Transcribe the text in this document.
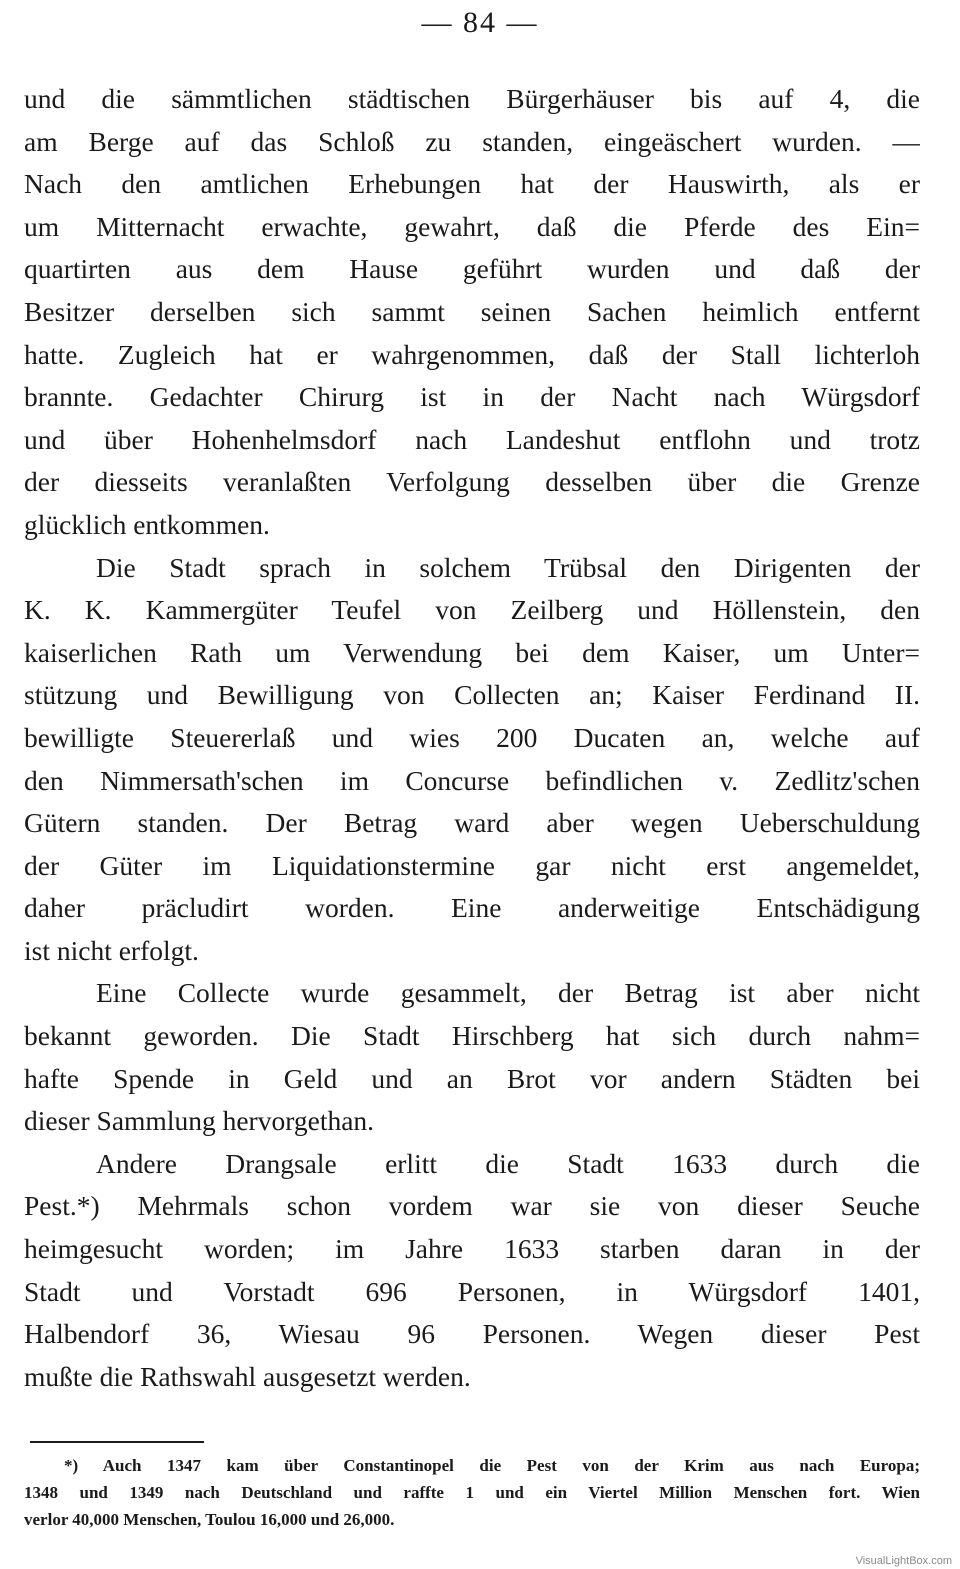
— 84 —
und die sämmtlichen städtischen Bürgerhäuser bis auf 4, die
am Berge auf das Schloß zu standen, eingeäschert wurden. —
Nach den amtlichen Erhebungen hat der Hauswirth, als er
um Mitternacht erwachte, gewahrt, daß die Pferde des Ein=
quartirten aus dem Hause geführt wurden und daß der
Besitzer derselben sich sammt seinen Sachen heimlich entfernt
hatte. Zugleich hat er wahrgenommen, daß der Stall lichterloh
brannte. Gedachter Chirurg ist in der Nacht nach Würgsdorf
und über Hohenhelmsdorf nach Landeshut entflohn und trotz
der diesseits veranlaßten Verfolgung desselben über die Grenze
glücklich entkommen.
Die Stadt sprach in solchem Trübsal den Dirigenten der
K. K. Kammergüter Teufel von Zeilberg und Höllenstein, den
kaiserlichen Rath um Verwendung bei dem Kaiser, um Unter=
stützung und Bewilligung von Collecten an; Kaiser Ferdinand II.
bewilligte Steuererlaß und wies 200 Ducaten an, welche auf
den Nimmersath'schen im Concurse befindlichen v. Zedlitz'schen
Gütern standen. Der Betrag ward aber wegen Ueberschuldung
der Güter im Liquidationstermine gar nicht erst angemeldet,
daher präcludirt worden. Eine anderweitige Entschädigung
ist nicht erfolgt.
Eine Collecte wurde gesammelt, der Betrag ist aber nicht
bekannt geworden. Die Stadt Hirschberg hat sich durch nahm=
hafte Spende in Geld und an Brot vor andern Städten bei
dieser Sammlung hervorgethan.
Andere Drangsale erlitt die Stadt 1633 durch die
Pest.*) Mehrmals schon vordem war sie von dieser Seuche
heimgesucht worden; im Jahre 1633 starben daran in der
Stadt und Vorstadt 696 Personen, in Würgsdorf 1401,
Halbendorf 36, Wiesau 96 Personen. Wegen dieser Pest
mußte die Rathswahl ausgesetzt werden.
*) Auch 1347 kam über Constantinopel die Pest von der Krim aus nach Europa;
1348 und 1349 nach Deutschland und raffte 1 und ein Viertel Million Menschen fort. Wien
verlor 40,000 Menschen, Toulou 16,000 und 26,000.
VisualLightBox.com
